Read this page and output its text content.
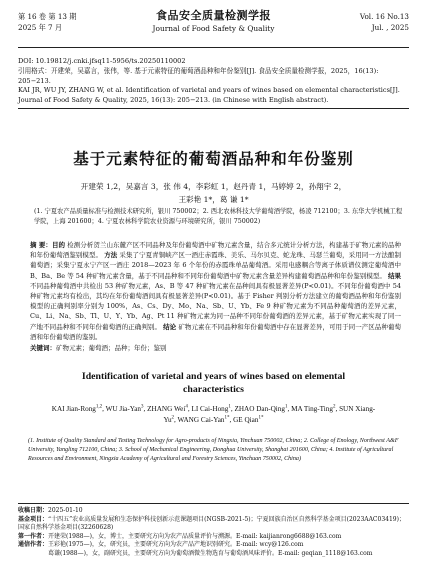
第 16 卷 第 13 期
2025 年 7 月
食品安全质量检测学报
Journal of Food Safety & Quality
Vol. 16 No.13
Jul. , 2025
DOI: 10.19812/j.cnki.jfsq11-5956/ts.20250110002
引用格式：开建荣，吴嘉言，张伟，等. 基于元素特征的葡萄酒品种和年份鉴别[J]. 食品安全质量检测学报，2025，16(13): 205−213.
KAI JR, WU JY, ZHANG W, et al. Identification of varietal and years of wines based on elemental characteristics[J]. Journal of Food Safety & Quality, 2025, 16(13): 205−213. (in Chinese with English abstract).
基于元素特征的葡萄酒品种和年份鉴别
开建荣 1,2，吴嘉言 3，张 伟 4，李彩虹 1，赵丹青 1，马婷婷 2，孙翔宇 2，
王彩艳 1*，葛 谦 1*
(1. 宁夏农产品质量标准与检测技术研究所，银川 750002；2. 西北农林科技大学葡萄酒学院，杨凌 712100；3. 东华大学机械工程学院，上海 201600；4. 宁夏农林科学院农业资源与环境研究所，银川 750002)
摘 要：目的 检测分析贺兰山东麓产区不同品种及年份葡萄酒中矿物元素含量，结合多元统计分析方法，构建基于矿物元素的品种和年份葡萄酒鉴别模型。 方法 采集了宁夏青铜峡产区一酒庄赤霞珠、美乐、马尔贝克、蛇龙珠、马瑟兰葡萄，采用同一方法酿制葡萄酒；采集宁夏永宁产区一酒庄 2018—2023 年 6 个年份的赤霞珠单品葡萄酒。采用电感耦合等离子体质谱仪测定葡萄酒中 B、Ba、Be 等 54 种矿物元素含量，基于不同品种和不同年份葡萄酒中矿物元素含量差异构建葡萄酒品种和年份鉴别模型。 结果 不同品种葡萄酒中共检出 53 种矿物元素，As、B 等 47 种矿物元素在品种间具有极显著差异(P<0.01)。不同年份葡萄酒中 54 种矿物元素均有检出，其均在年份葡萄酒间具有极显著差异(P<0.01)。基于 Fisher 判别分析方法建立的葡萄酒品种和年份鉴别模型的正确判别率分别为 100%，As、Cs、Dy、Mo、Na、Sb、U、Yb、Fe 9 种矿物元素为不同品种葡萄酒的差异元素，Cu、Li、Na、Sb、Tl、U、Y、Yb、Ag、Pt 11 种矿物元素为同一品种不同年份葡萄酒的差异元素，基于矿物元素实现了同一产地不同品种和不同年份葡萄酒的正确判别。 结论 矿物元素在不同品种和年份葡萄酒中存在显著差异，可用于同一产区品种葡萄酒和年份葡萄酒的鉴别。
关键词：矿物元素；葡萄酒；品种；年份；鉴别
Identification of varietal and years of wines based on elemental characteristics
KAI Jian-Rong$^{1,2}$, WU Jia-Yan$^3$, ZHANG Wei$^4$, LI Cai-Hong$^1$, ZHAO Dan-Qing$^1$, MA Ting-Ting$^2$, SUN Xiang-Yu$^2$, WANG Cai-Yan$^{1*}$, GE Qian$^{1*}$
(1. Institute of Quality Standard and Testing Technology for Agro-products of Ningxia, Yinchuan 750002, China; 2. College of Enology, Northwest A&F University, Yangling 712100, China; 3. School of Mechanical Engineering, Donghua University, Shanghai 201600, China; 4. Institute of Agricultural Resources and Environment, Ningxia Academy of Agricultural and Forestry Sciences, Yinchuan 750002, China)
收稿日期：2025-01-10
基金项目：“十四五”农业高质量发展和生态保护科技创新示范课题项目(NGSB-2021-5)；宁夏回族自治区自然科学基金项目(2023AAC03419)；国家自然科学基金项目(32260628)
第一作者：开建荣(1988—)，女，博士，主要研究方向为农产品质量评价与溯源。E-mail: kaijianrong6688@163.com
通信作者：王彩艳(1975—)，女，研究员，主要研究方向为农产品产地识别研究。E-mail: wcy@126.com
葛谦(1988—)，女，副研究员，主要研究方向为葡萄酒微生物选育与葡萄酒风味评价。E-mail: geqian_1118@163.com
